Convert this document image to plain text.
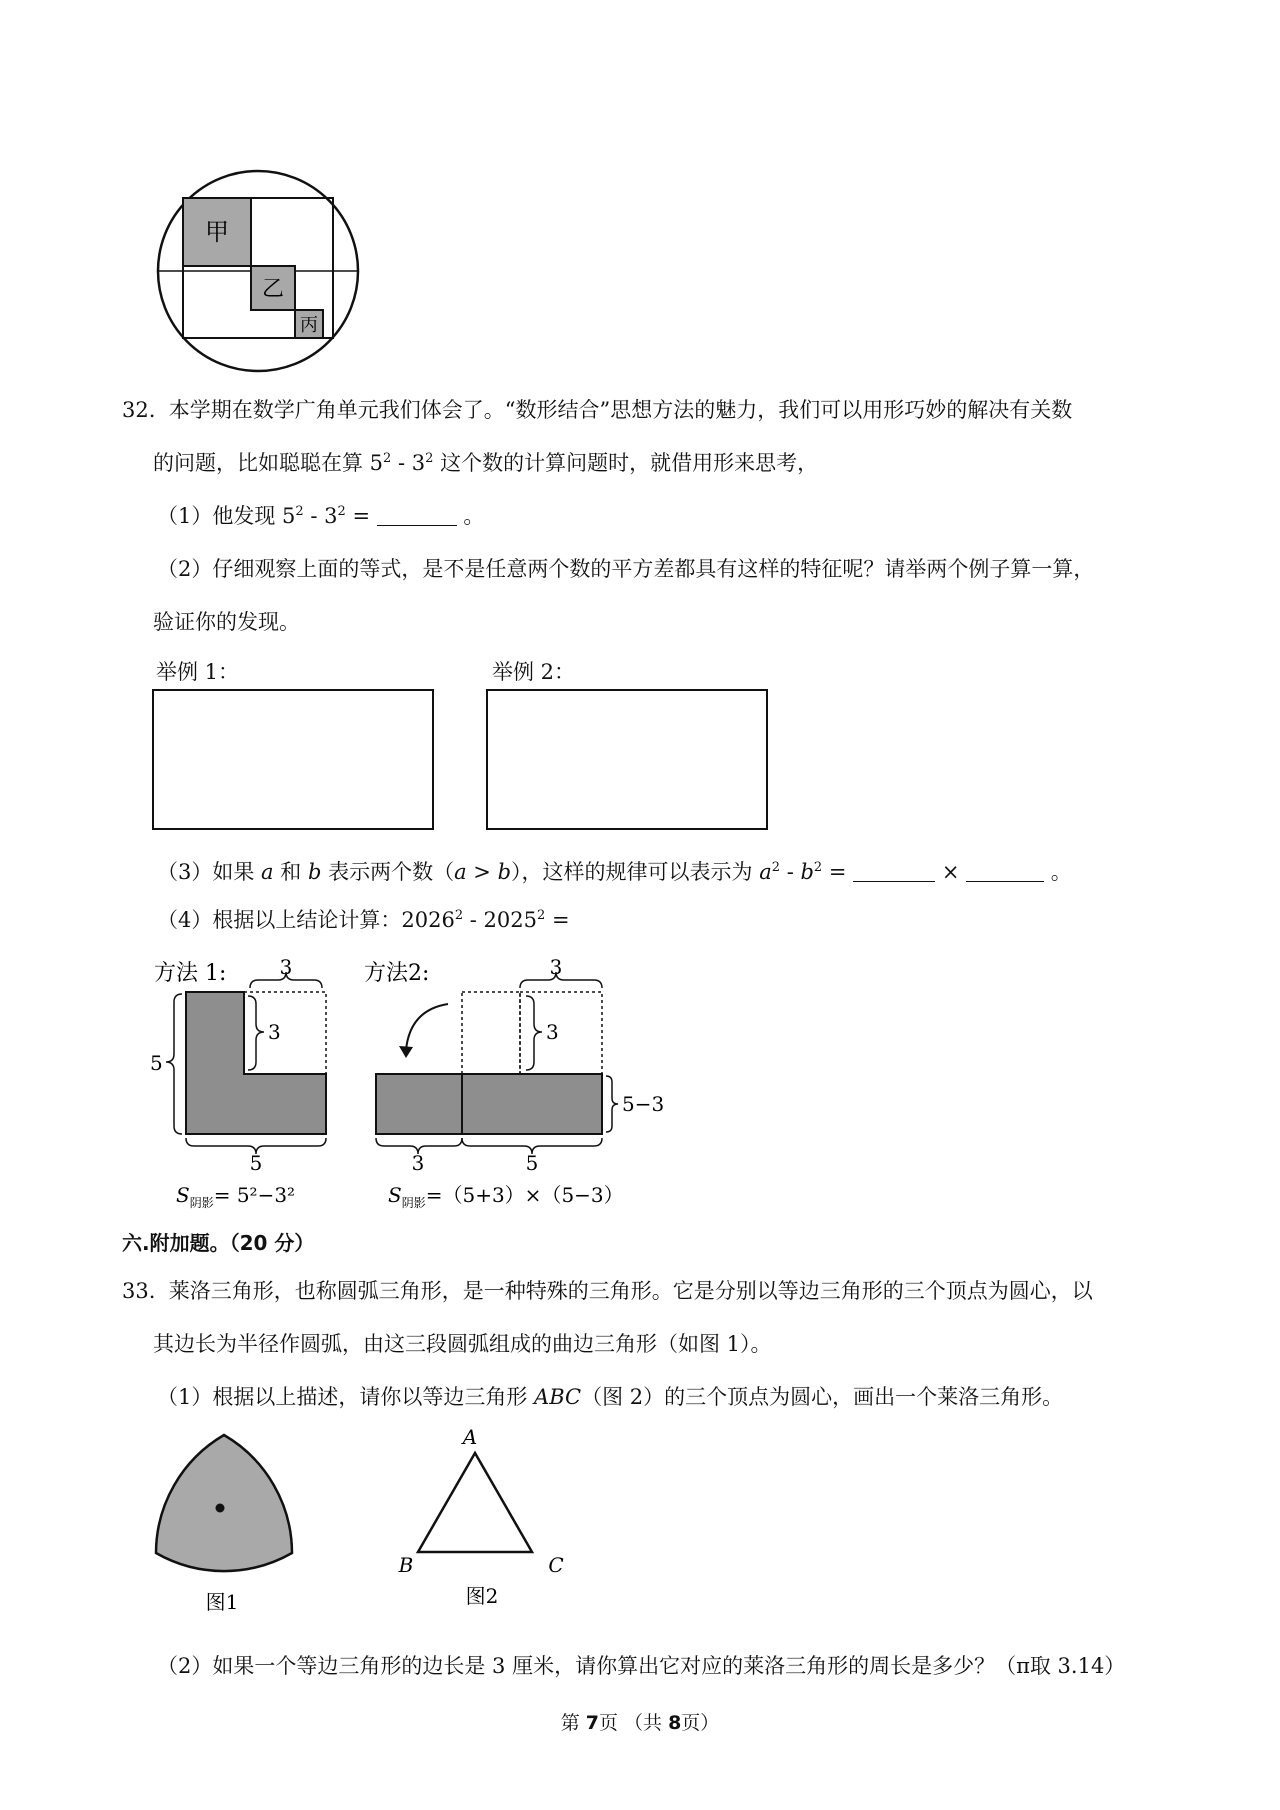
甲
乙
丙
32. 本学期在数学广角单元我们体会了。“数形结合”思想方法的魅力，我们可以用形巧妙的解决有关数
的问题，比如聪聪在算 $5^2 - 3^2$ 这个数的计算问题时，就借用形来思考，
（1）他发现 $5^2 - 3^2$ =	。
（2）仔细观察上面的等式，是不是任意两个数的平方差都具有这样的特征呢？请举两个例子算一算，
验证你的发现。
举例 1：	举例 2：
（3）如果 a 和 b 表示两个数（a > b），这样的规律可以表示为 $a^2 - b^2$ =	×	。
（4）根据以上结论计算：$2026^2 - 2025^2$ =
方法 1:	3
3
5
5
$S_{阴影}= 5^2-3^2$
方法2:	3
3
5−3
3	5
$S_{阴影}=(5+3)\times(5-3)$
六.附加题。（20 分）
33. 莱洛三角形，也称圆弧三角形，是一种特殊的三角形。它是分别以等边三角形的三个顶点为圆心，以
其边长为半径作圆弧，由这三段圆弧组成的曲边三角形（如图 1）。
（1）根据以上描述，请你以等边三角形 ABC（图 2）的三个顶点为圆心，画出一个莱洛三角形。
图1
A
B	C
图2
（2）如果一个等边三角形的边长是 3 厘米，请你算出它对应的莱洛三角形的周长是多少？（π取 3.14）
第 7页 （共 8页）
